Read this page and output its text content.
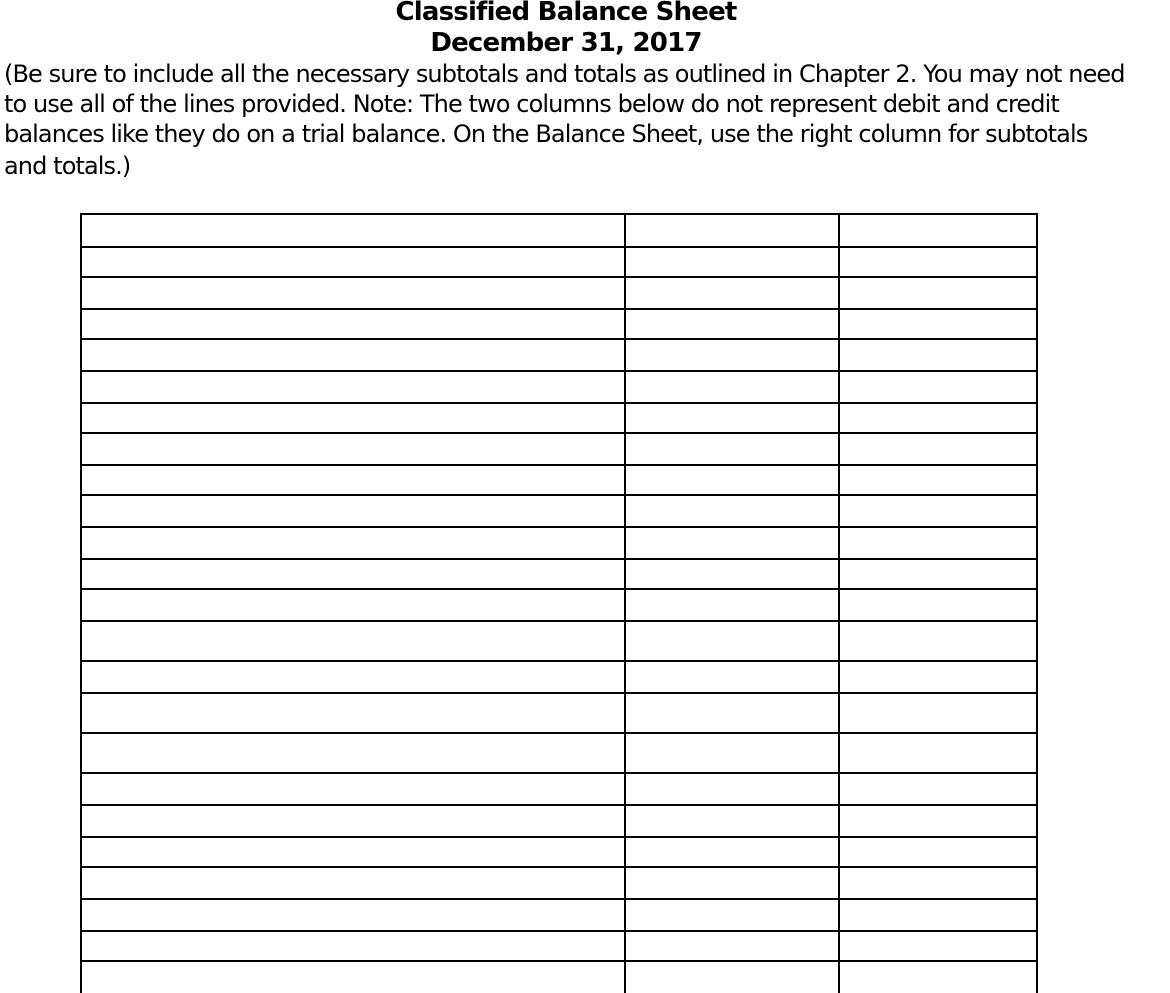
Classified Balance Sheet
December 31, 2017
(Be sure to include all the necessary subtotals and totals as outlined in Chapter 2. You may not need
to use all of the lines provided. Note: The two columns below do not represent debit and credit
balances like they do on a trial balance. On the Balance Sheet, use the right column for subtotals
and totals.)
